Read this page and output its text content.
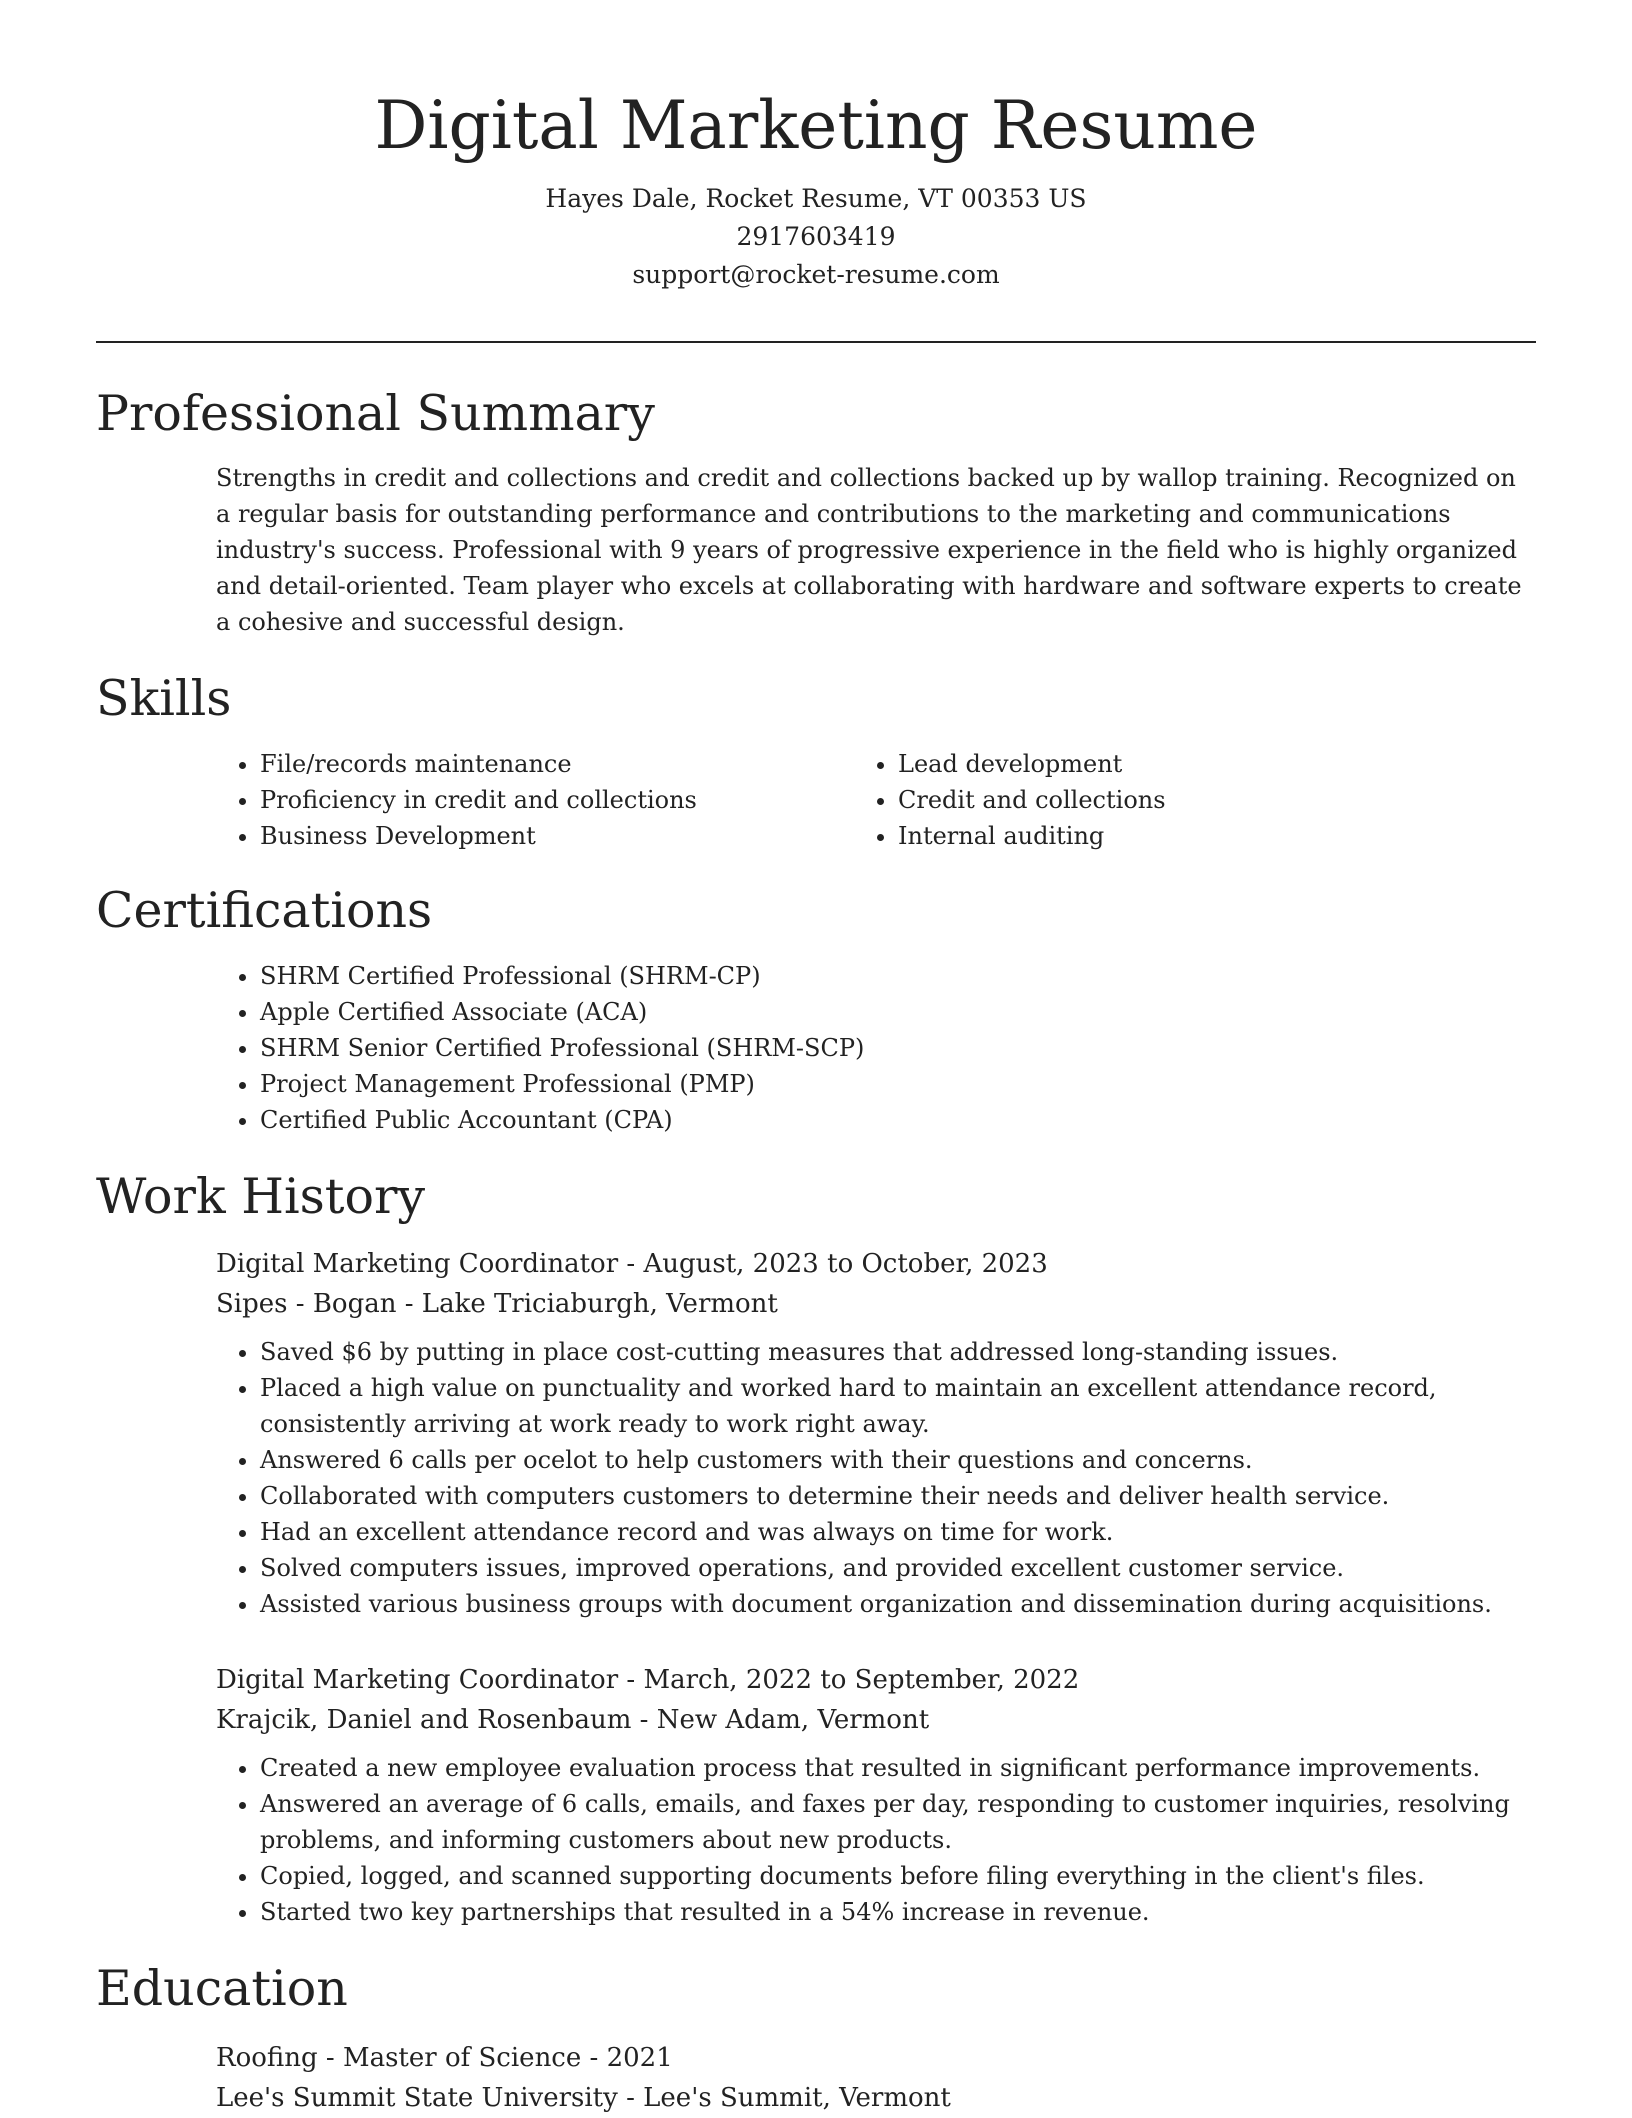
Digital Marketing Resume

Hayes Dale, Rocket Resume, VT 00353 US

2917603419

support@rocket-resume.com

Professional Summary

Strengths in credit and collections and credit and collections backed up by wallop training. Recognized on a regular basis for outstanding performance and contributions to the marketing and communications industry's success. Professional with 9 years of progressive experience in the field who is highly organized and detail-oriented. Team player who excels at collaborating with hardware and software experts to create a cohesive and successful design.

Skills
• File/records maintenance
• Proficiency in credit and collections
• Business Development
• Lead development
• Credit and collections
• Internal auditing
Certifications
• SHRM Certified Professional (SHRM-CP)
• Apple Certified Associate (ACA)
• SHRM Senior Certified Professional (SHRM-SCP)
• Project Management Professional (PMP)
• Certified Public Accountant (CPA)
Work History

Digital Marketing Coordinator - August, 2023 to October, 2023

Sipes - Bogan - Lake Triciaburgh, Vermont

• Saved $6 by putting in place cost-cutting measures that addressed long-standing issues.
• Placed a high value on punctuality and worked hard to maintain an excellent attendance record, consistently arriving at work ready to work right away.
• Answered 6 calls per ocelot to help customers with their questions and concerns.
• Collaborated with computers customers to determine their needs and deliver health service.
• Had an excellent attendance record and was always on time for work.
• Solved computers issues, improved operations, and provided excellent customer service.
• Assisted various business groups with document organization and dissemination during acquisitions.

Digital Marketing Coordinator - March, 2022 to September, 2022

Krajcik, Daniel and Rosenbaum - New Adam, Vermont

• Created a new employee evaluation process that resulted in significant performance improvements.
• Answered an average of 6 calls, emails, and faxes per day, responding to customer inquiries, resolving problems, and informing customers about new products.
• Copied, logged, and scanned supporting documents before filing everything in the client's files.
• Started two key partnerships that resulted in a 54% increase in revenue.
Education

Roofing - Master of Science - 2021

Lee's Summit State University - Lee's Summit, Vermont
